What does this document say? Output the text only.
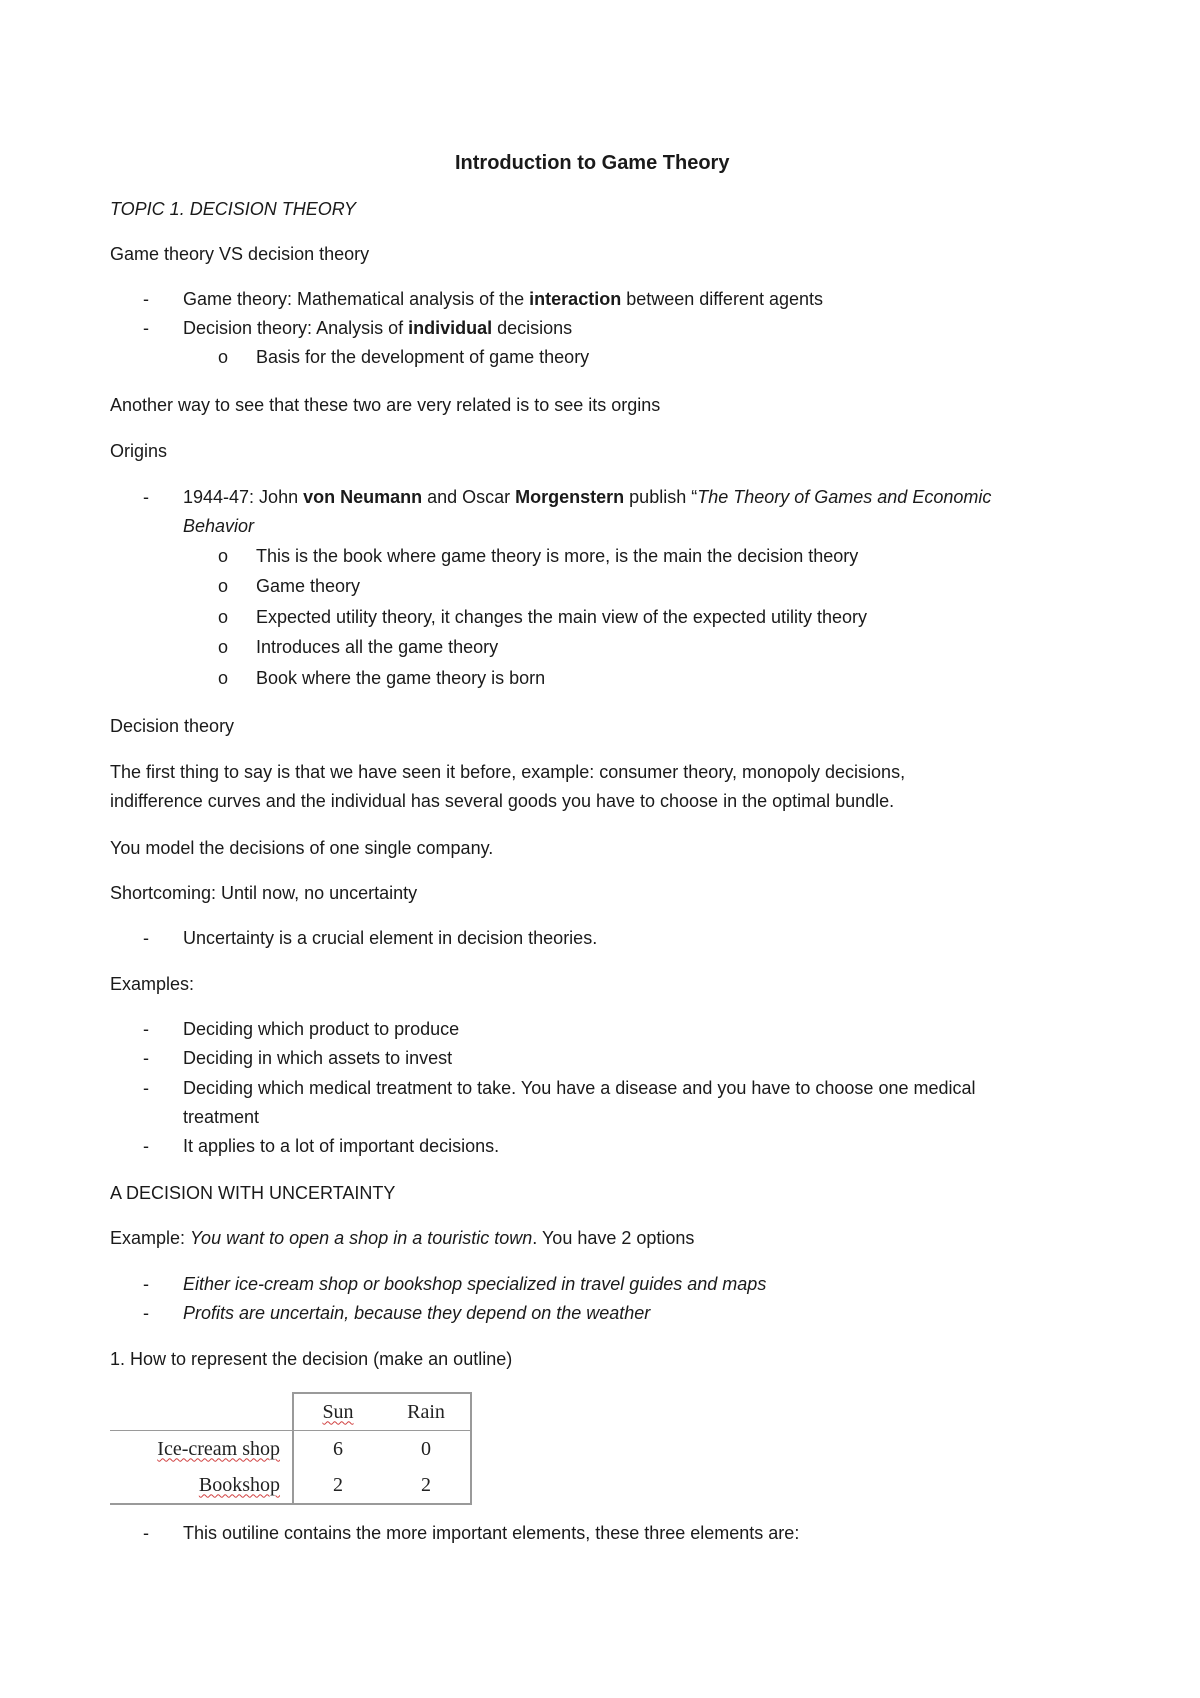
Introduction to Game Theory
TOPIC 1. DECISION THEORY
Game theory VS decision theory
- Game theory: Mathematical analysis of the interaction between different agents
- Decision theory: Analysis of individual decisions
o Basis for the development of game theory
Another way to see that these two are very related is to see its orgins
Origins
- 1944-47: John von Neumann and Oscar Morgenstern publish “The Theory of Games and Economic
Behavior
o This is the book where game theory is more, is the main the decision theory
o Game theory
o Expected utility theory, it changes the main view of the expected utility theory
o Introduces all the game theory
o Book where the game theory is born
Decision theory
The first thing to say is that we have seen it before, example: consumer theory, monopoly decisions,
indifference curves and the individual has several goods you have to choose in the optimal bundle.
You model the decisions of one single company.
Shortcoming: Until now, no uncertainty
- Uncertainty is a crucial element in decision theories.
Examples:
- Deciding which product to produce
- Deciding in which assets to invest
- Deciding which medical treatment to take. You have a disease and you have to choose one medical
treatment
- It applies to a lot of important decisions.
A DECISION WITH UNCERTAINTY
Example: You want to open a shop in a touristic town. You have 2 options
- Either ice-cream shop or bookshop specialized in travel guides and maps
- Profits are uncertain, because they depend on the weather
1. How to represent the decision (make an outline)
	Sun	Rain
Ice-cream shop	6	0
Bookshop	2	2
- This outiline contains the more important elements, these three elements are:
